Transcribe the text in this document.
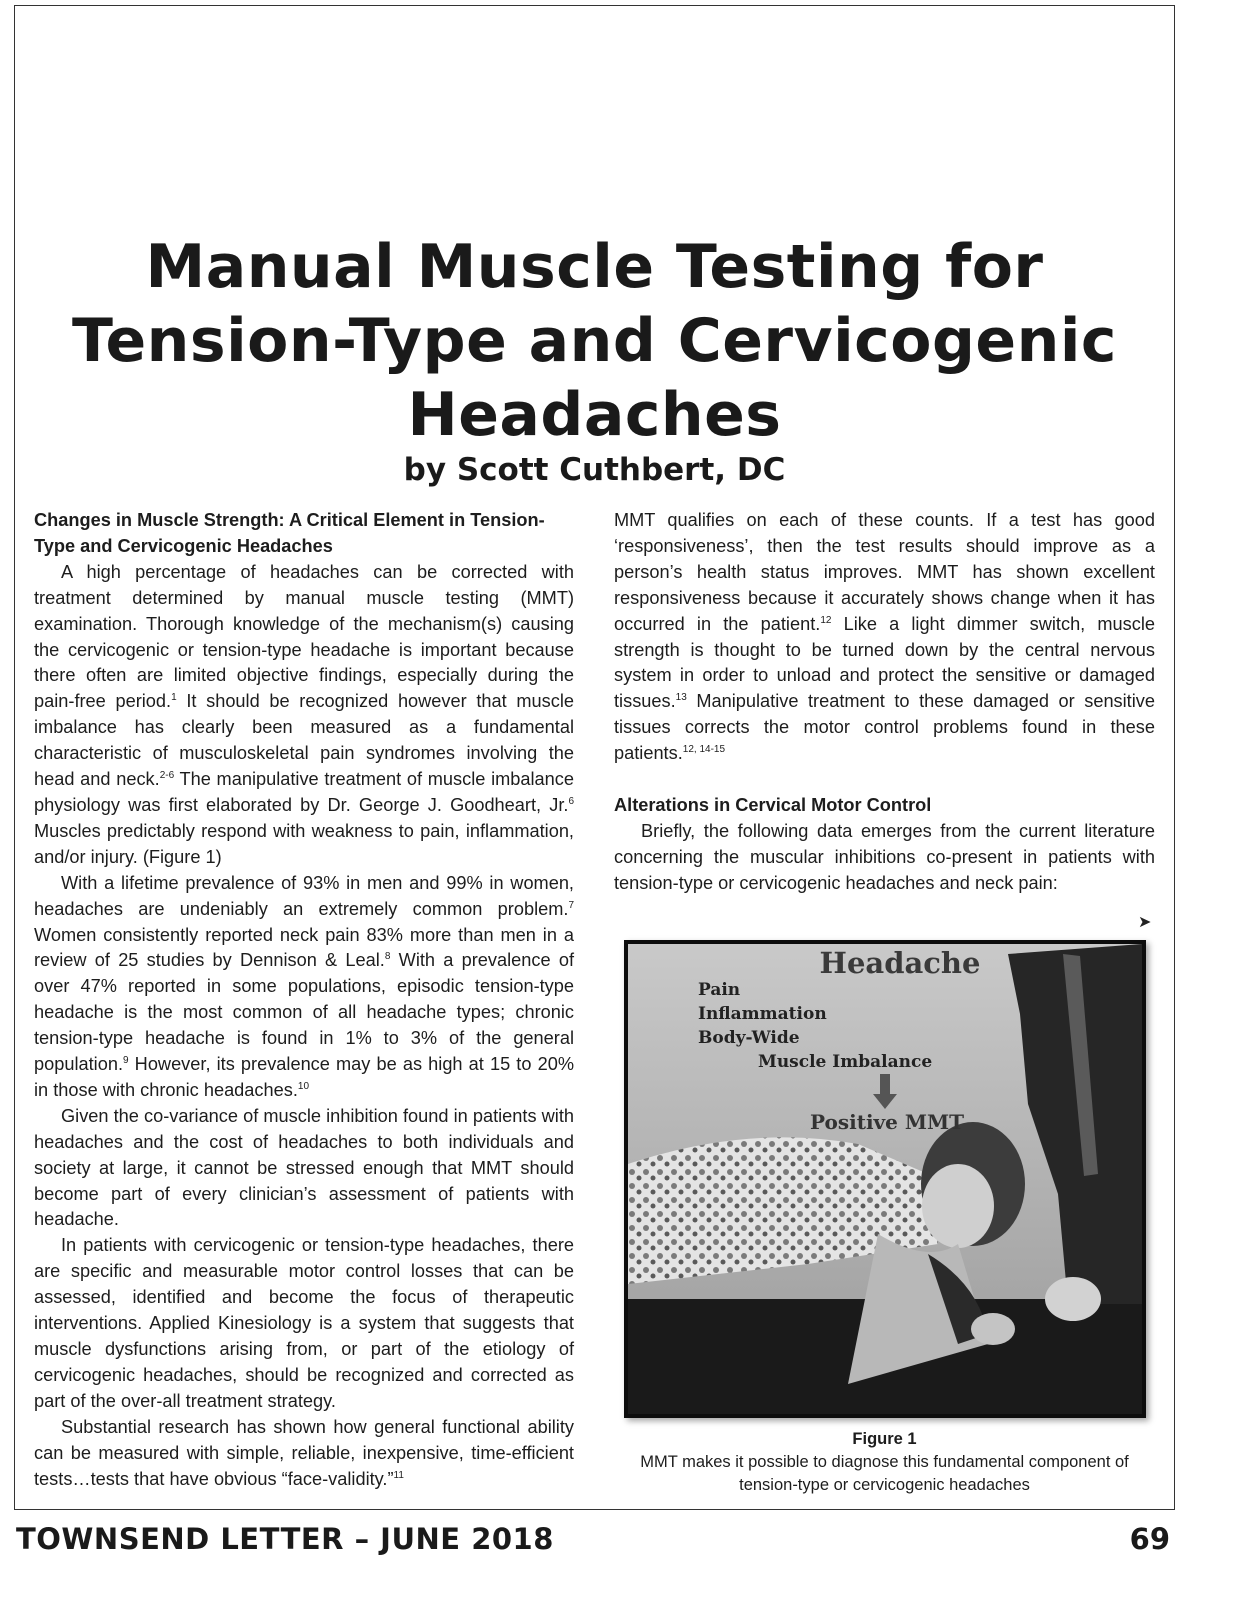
Manual Muscle Testing for
Tension-Type and Cervicogenic
Headaches

by Scott Cuthbert, DC

Changes in Muscle Strength: A Critical Element in Tension-
Type and Cervicogenic Headaches

A high percentage of headaches can be corrected with treatment determined by manual muscle testing (MMT) examination. Thorough knowledge of the mechanism(s) causing the cervicogenic or tension-type headache is important because there often are limited objective findings, especially during the pain-free period.$^1$ It should be recognized however that muscle imbalance has clearly been measured as a fundamental characteristic of musculoskeletal pain syndromes involving the head and neck.$^{2-6}$ The manipulative treatment of muscle imbalance physiology was first elaborated by Dr. George J. Goodheart, Jr.$^6$ Muscles predictably respond with weakness to pain, inflammation, and/or injury. (Figure 1)

With a lifetime prevalence of 93% in men and 99% in women, headaches are undeniably an extremely common problem.$^7$ Women consistently reported neck pain 83% more than men in a review of 25 studies by Dennison & Leal.$^8$ With a prevalence of over 47% reported in some populations, episodic tension-type headache is the most common of all headache types; chronic tension-type headache is found in 1% to 3% of the general population.$^9$ However, its prevalence may be as high at 15 to 20% in those with chronic headaches.$^{10}$

Given the co-variance of muscle inhibition found in patients with headaches and the cost of headaches to both individuals and society at large, it cannot be stressed enough that MMT should become part of every clinician’s assessment of patients with headache.

In patients with cervicogenic or tension-type headaches, there are specific and measurable motor control losses that can be assessed, identified and become the focus of therapeutic interventions. Applied Kinesiology is a system that suggests that muscle dysfunctions arising from, or part of the etiology of cervicogenic headaches, should be recognized and corrected as part of the over-all treatment strategy.

Substantial research has shown how general functional ability can be measured with simple, reliable, inexpensive, time-efficient tests…tests that have obvious “face-validity.”$^{11}$

MMT qualifies on each of these counts. If a test has good ‘responsiveness’, then the test results should improve as a person’s health status improves. MMT has shown excellent responsiveness because it accurately shows change when it has occurred in the patient.$^{12}$ Like a light dimmer switch, muscle strength is thought to be turned down by the central nervous system in order to unload and protect the sensitive or damaged tissues.$^{13}$ Manipulative treatment to these damaged or sensitive tissues corrects the motor control problems found in these patients.$^{12, 14-15}$

Alterations in Cervical Motor Control

Briefly, the following data emerges from the current literature concerning the muscular inhibitions co-present in patients with tension-type or cervicogenic headaches and neck pain:

➤
Headache
Pain
Inflammation
Body-Wide
Muscle Imbalance
Positive MMT
Figure 1
MMT makes it possible to diagnose this fundamental component of
tension-type or cervicogenic headaches
TOWNSEND LETTER – JUNE 2018	69
